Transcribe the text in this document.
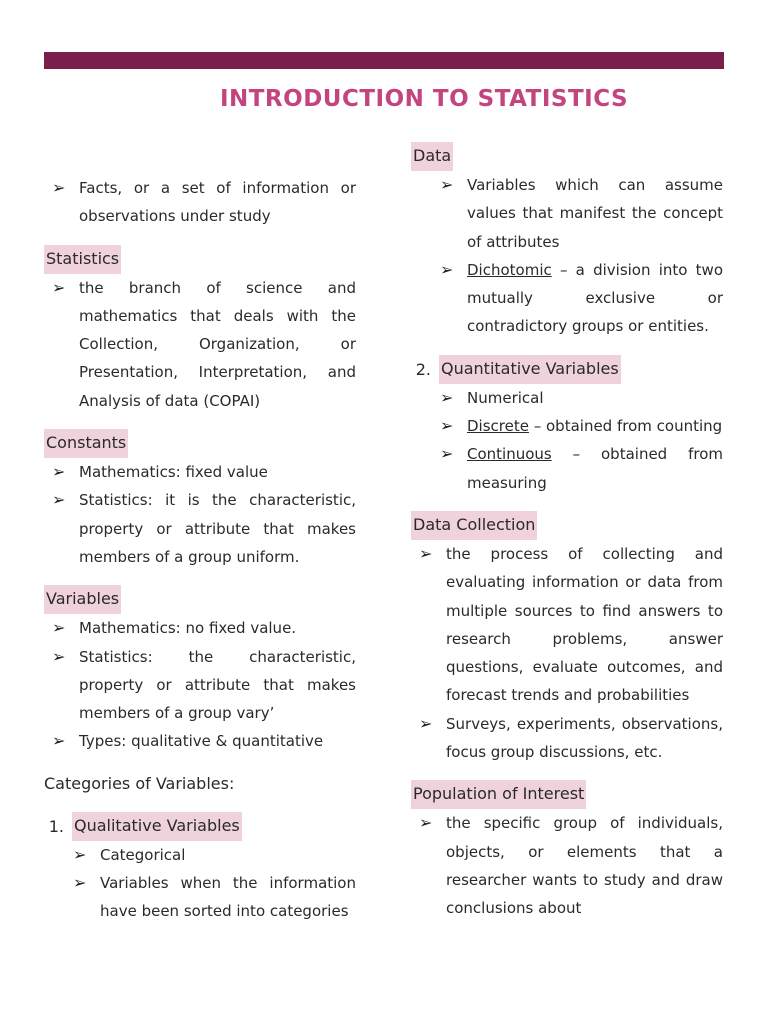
INTRODUCTION TO STATISTICS
➢ Facts, or a set of information or observations under study
Statistics
➢ the branch of science and mathematics that deals with the Collection, Organization, or Presentation, Interpretation, and Analysis of data (COPAI)
Constants
➢ Mathematics: fixed value
➢ Statistics: it is the characteristic, property or attribute that makes members of a group uniform.
Variables
➢ Mathematics: no fixed value.
➢ Statistics: the characteristic, property or attribute that makes members of a group vary’
➢ Types: qualitative & quantitative
Categories of Variables:
1. Qualitative Variables
➢ Categorical
➢ Variables when the information have been sorted into categories
Data
➢ Variables which can assume values that manifest the concept of attributes
➢ Dichotomic – a division into two mutually exclusive or contradictory groups or entities.
2. Quantitative Variables
➢ Numerical
➢ Discrete – obtained from counting
➢ Continuous – obtained from measuring
Data Collection
➢ the process of collecting and evaluating information or data from multiple sources to find answers to research problems, answer questions, evaluate outcomes, and forecast trends and probabilities
➢ Surveys, experiments, observations, focus group discussions, etc.
Population of Interest
➢ the specific group of individuals, objects, or elements that a researcher wants to study and draw conclusions about
